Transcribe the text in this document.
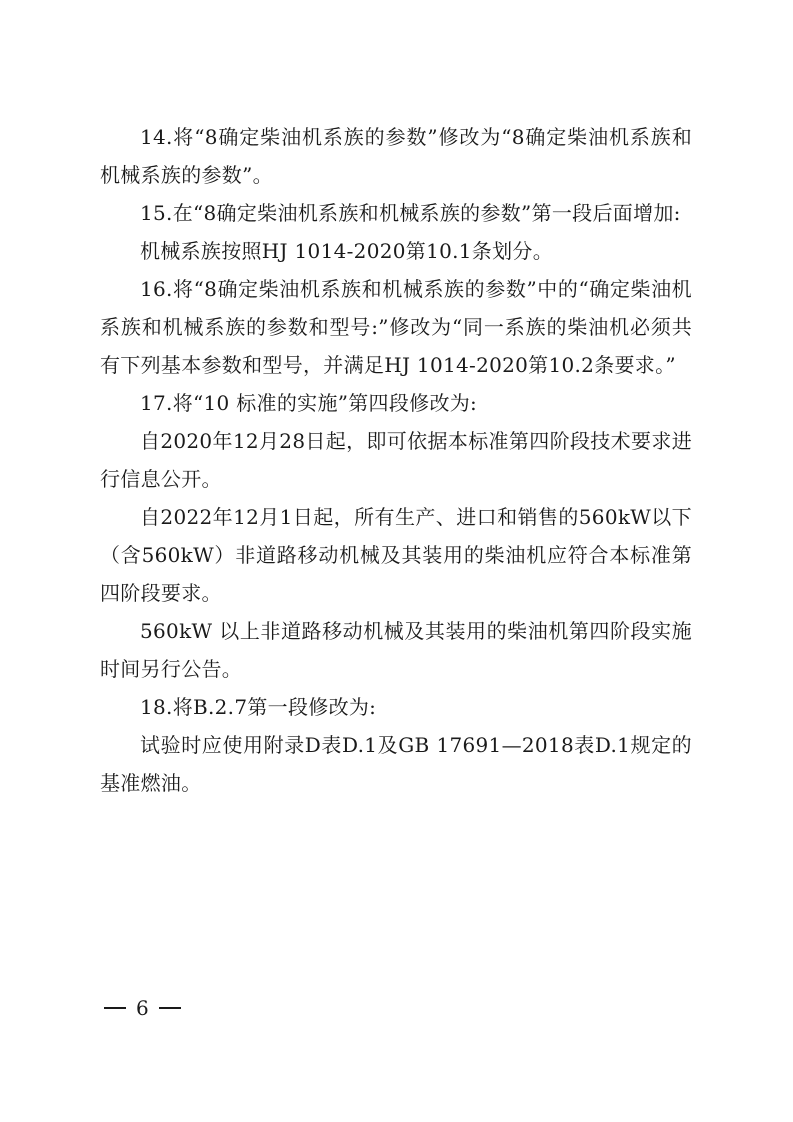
14.将“8确定柴油机系族的参数”修改为“8确定柴油机系族和机械系族的参数”。

15.在“8确定柴油机系族和机械系族的参数”第一段后面增加:

机械系族按照HJ 1014-2020第10.1条划分。

16.将“8确定柴油机系族和机械系族的参数”中的“确定柴油机系族和机械系族的参数和型号:”修改为“同一系族的柴油机必须共有下列基本参数和型号，并满足HJ 1014-2020第10.2条要求。”

17.将“10 标准的实施”第四段修改为:

自2020年12月28日起，即可依据本标准第四阶段技术要求进行信息公开。

自2022年12月1日起，所有生产、进口和销售的560kW以下（含560kW）非道路移动机械及其装用的柴油机应符合本标准第四阶段要求。

560kW 以上非道路移动机械及其装用的柴油机第四阶段实施时间另行公告。

18.将B.2.7第一段修改为:

试验时应使用附录D表D.1及GB 17691—2018表D.1规定的基准燃油。

6
